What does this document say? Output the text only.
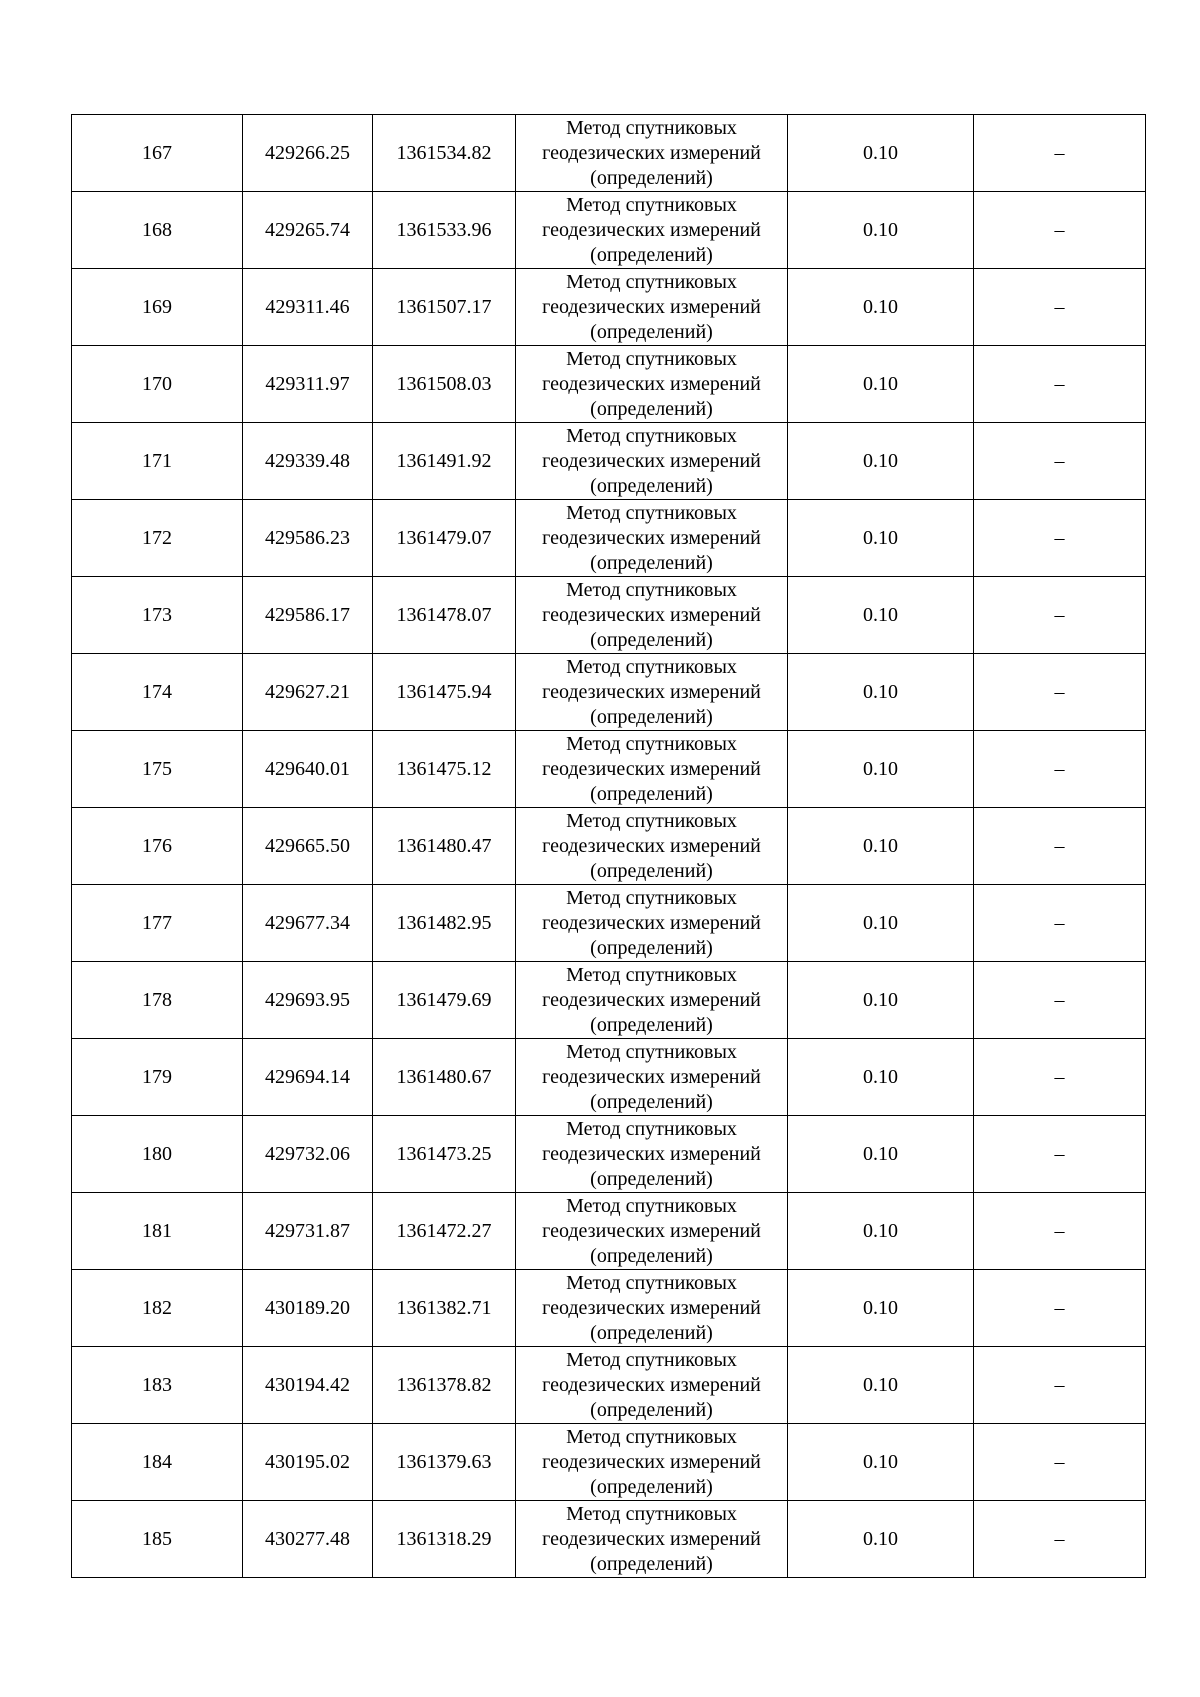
167	429266.25	1361534.82	Метод спутниковых
геодезических измерений
(определений)	0.10	–
168	429265.74	1361533.96	Метод спутниковых
геодезических измерений
(определений)	0.10	–
169	429311.46	1361507.17	Метод спутниковых
геодезических измерений
(определений)	0.10	–
170	429311.97	1361508.03	Метод спутниковых
геодезических измерений
(определений)	0.10	–
171	429339.48	1361491.92	Метод спутниковых
геодезических измерений
(определений)	0.10	–
172	429586.23	1361479.07	Метод спутниковых
геодезических измерений
(определений)	0.10	–
173	429586.17	1361478.07	Метод спутниковых
геодезических измерений
(определений)	0.10	–
174	429627.21	1361475.94	Метод спутниковых
геодезических измерений
(определений)	0.10	–
175	429640.01	1361475.12	Метод спутниковых
геодезических измерений
(определений)	0.10	–
176	429665.50	1361480.47	Метод спутниковых
геодезических измерений
(определений)	0.10	–
177	429677.34	1361482.95	Метод спутниковых
геодезических измерений
(определений)	0.10	–
178	429693.95	1361479.69	Метод спутниковых
геодезических измерений
(определений)	0.10	–
179	429694.14	1361480.67	Метод спутниковых
геодезических измерений
(определений)	0.10	–
180	429732.06	1361473.25	Метод спутниковых
геодезических измерений
(определений)	0.10	–
181	429731.87	1361472.27	Метод спутниковых
геодезических измерений
(определений)	0.10	–
182	430189.20	1361382.71	Метод спутниковых
геодезических измерений
(определений)	0.10	–
183	430194.42	1361378.82	Метод спутниковых
геодезических измерений
(определений)	0.10	–
184	430195.02	1361379.63	Метод спутниковых
геодезических измерений
(определений)	0.10	–
185	430277.48	1361318.29	Метод спутниковых
геодезических измерений
(определений)	0.10	–
